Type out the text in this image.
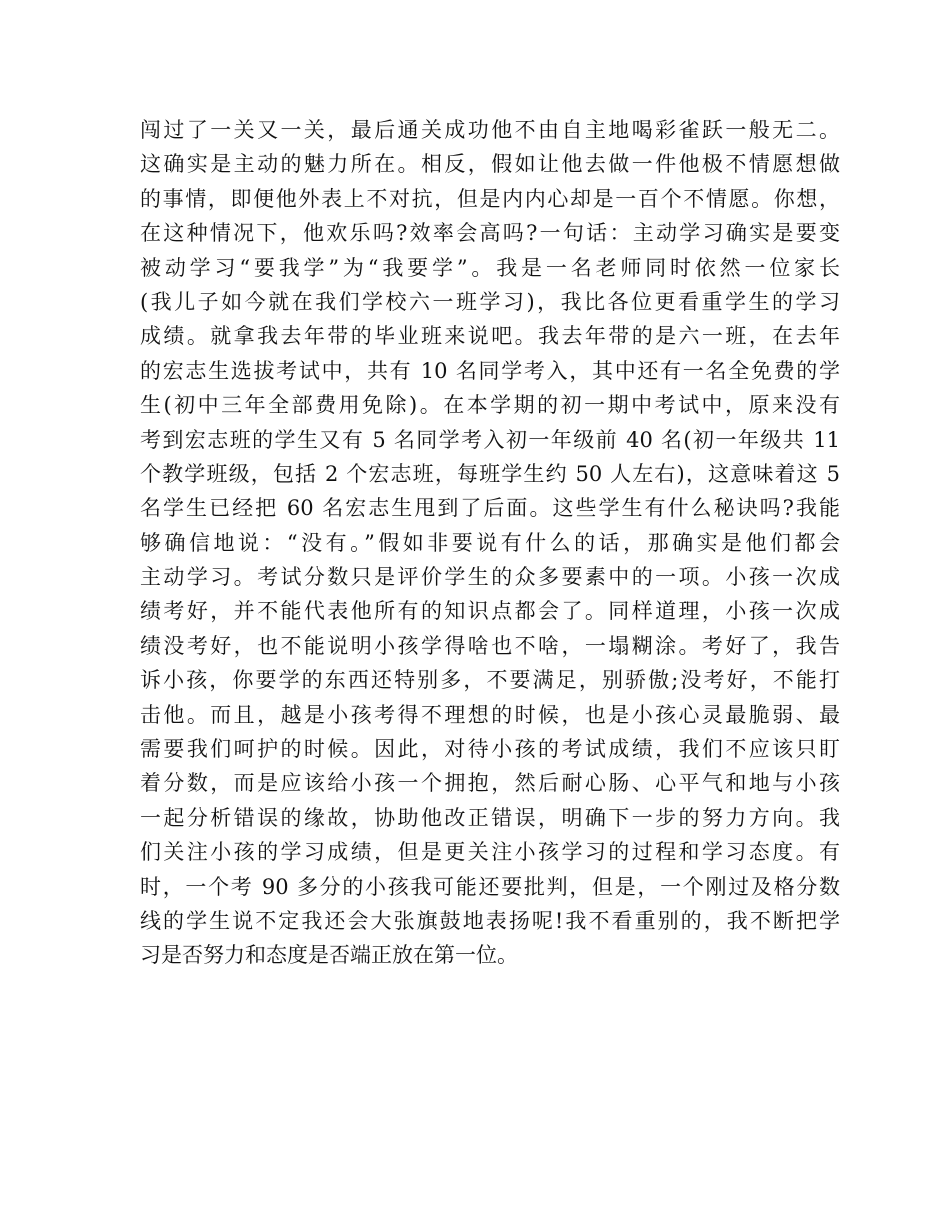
闯过了一关又一关，最后通关成功他不由自主地喝彩雀跃一般无二。
这确实是主动的魅力所在。相反，假如让他去做一件他极不情愿想做
的事情，即便他外表上不对抗，但是内内心却是一百个不情愿。你想，
在这种情况下，他欢乐吗?效率会高吗?一句话：主动学习确实是要变
被动学习“要我学”为“我要学”。我是一名老师同时依然一位家长
(我儿子如今就在我们学校六一班学习)，我比各位更看重学生的学习
成绩。就拿我去年带的毕业班来说吧。我去年带的是六一班，在去年
的宏志生选拔考试中，共有 10 名同学考入，其中还有一名全免费的学
生(初中三年全部费用免除)。在本学期的初一期中考试中，原来没有
考到宏志班的学生又有 5 名同学考入初一年级前 40 名(初一年级共 11
个教学班级，包括 2 个宏志班，每班学生约 50 人左右)，这意味着这 5
名学生已经把 60 名宏志生甩到了后面。这些学生有什么秘诀吗?我能
够确信地说：“没有。”假如非要说有什么的话，那确实是他们都会
主动学习。考试分数只是评价学生的众多要素中的一项。小孩一次成
绩考好，并不能代表他所有的知识点都会了。同样道理，小孩一次成
绩没考好，也不能说明小孩学得啥也不啥，一塌糊涂。考好了，我告
诉小孩，你要学的东西还特别多，不要满足，别骄傲;没考好，不能打
击他。而且，越是小孩考得不理想的时候，也是小孩心灵最脆弱、最
需要我们呵护的时候。因此，对待小孩的考试成绩，我们不应该只盯
着分数，而是应该给小孩一个拥抱，然后耐心肠、心平气和地与小孩
一起分析错误的缘故，协助他改正错误，明确下一步的努力方向。我
们关注小孩的学习成绩，但是更关注小孩学习的过程和学习态度。有
时，一个考 90 多分的小孩我可能还要批判，但是，一个刚过及格分数
线的学生说不定我还会大张旗鼓地表扬呢!我不看重别的，我不断把学
习是否努力和态度是否端正放在第一位。
